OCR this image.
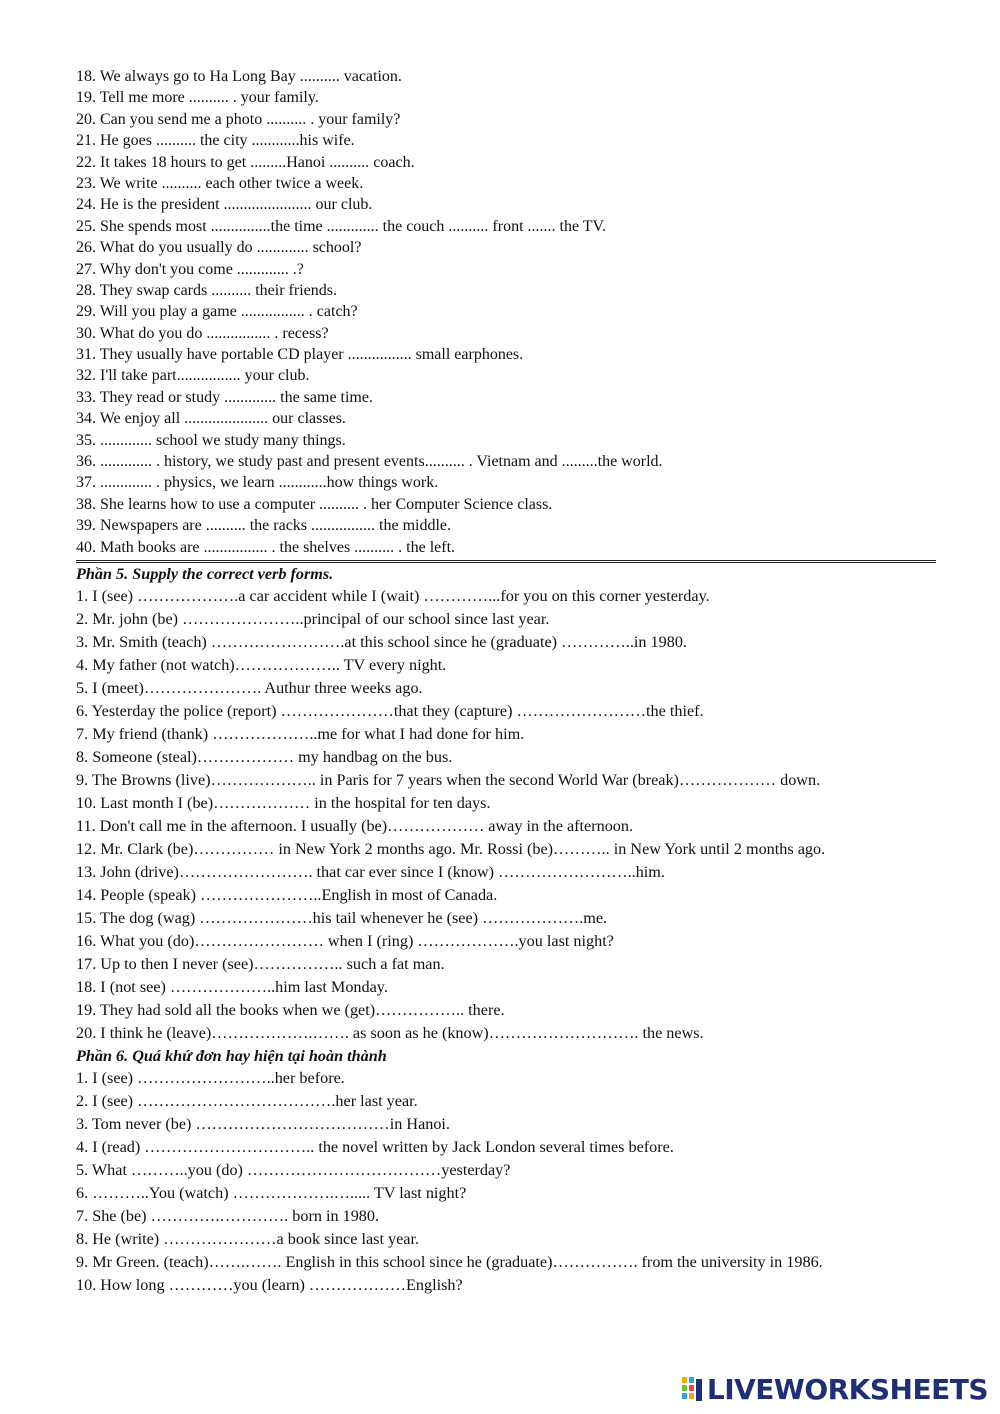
18. We always go to Ha Long Bay .......... vacation.
19. Tell me more .......... . your family.
20. Can you send me a photo .......... . your family?
21. He goes .......... the city ............his wife.
22. It takes 18 hours to get .........Hanoi .......... coach.
23. We write .......... each other twice a week.
24. He is the president ...................... our club.
25. She spends most ...............the time ............. the couch .......... front ....... the TV.
26. What do you usually do ............. school?
27. Why don't you come ............. .?
28. They swap cards .......... their friends.
29. Will you play a game ................ . catch?
30. What do you do ................ . recess?
31. They usually have portable CD player ................ small earphones.
32. I'll take part................ your club.
33. They read or study ............. the same time.
34. We enjoy all ..................... our classes.
35. ............. school we study many things.
36. ............. . history, we study past and present events.......... . Vietnam and .........the world.
37. ............. . physics, we learn ............how things work.
38. She learns how to use a computer .......... . her Computer Science class.
39. Newspapers are .......... the racks ................ the middle.
40. Math books are ................ . the shelves .......... . the left.
Phần 5. Supply the correct verb forms.
1. I (see) ……………….a car accident while I (wait) …………...for you on this corner yesterday.
2. Mr. john (be) …………………..principal of our school since last year.
3. Mr. Smith (teach) …………………….at this school since he (graduate) …………..in 1980.
4. My father (not watch)……………….. TV every night.
5. I (meet)…………………. Authur three weeks ago.
6. Yesterday the police (report) …………………that they (capture) ……………………the thief.
7. My friend (thank) ………………..me for what I had done for him.
8. Someone (steal)……………… my handbag on the bus.
9. The Browns (live)……………….. in Paris for 7 years when the second World War (break)……………… down.
10. Last month I (be)……………… in the hospital for ten days.
11. Don't call me in the afternoon. I usually (be)……………… away in the afternoon.
12. Mr. Clark (be)…………… in New York 2 months ago. Mr. Rossi (be)……….. in New York until 2 months ago.
13. John (drive)……………………. that car ever since I (know) ……………………..him.
14. People (speak) …………………..English in most of Canada.
15. The dog (wag) …………………his tail whenever he (see) ……………….me.
16. What you (do)…………………… when I (ring) ……………….you last night?
17. Up to then I never (see)…………….. such a fat man.
18. I (not see) ………………..him last Monday.
19. They had sold all the books when we (get)…………….. there.
20. I think he (leave)……………….……. as soon as he (know)………………………. the news.
Phần 6. Quá khứ đơn hay hiện tại hoàn thành
1. I (see) ……………………..her before.
2. I (see) ……………………………….her last year.
3. Tom never (be) ………………………………in Hanoi.
4. I (read) ………………………….. the novel written by Jack London several times before.
5. What ………..you (do) ………………………………yesterday?
6. ………..You (watch) ……………….…..... TV last night?
7. She (be) ………….…………. born in 1980.
8. He (write) …………………a book since last year.
9. Mr Green. (teach)…….……. English in this school since he (graduate)……………. from the university in 1986.
10. How long …………you (learn) ………………English?
LIVEWORKSHEETS
